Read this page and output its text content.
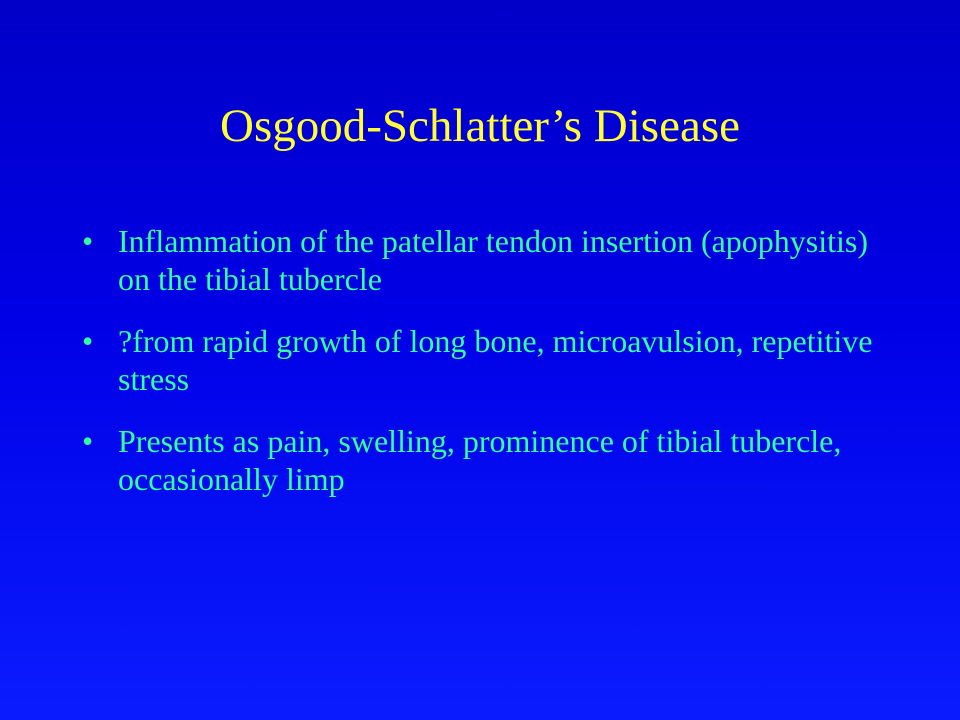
Osgood-Schlatter’s Disease
• Inflammation of the patellar tendon insertion (apophysitis) on the tibial tubercle
• ?from rapid growth of long bone, microavulsion, repetitive stress
• Presents as pain, swelling, prominence of tibial tubercle, occasionally limp
